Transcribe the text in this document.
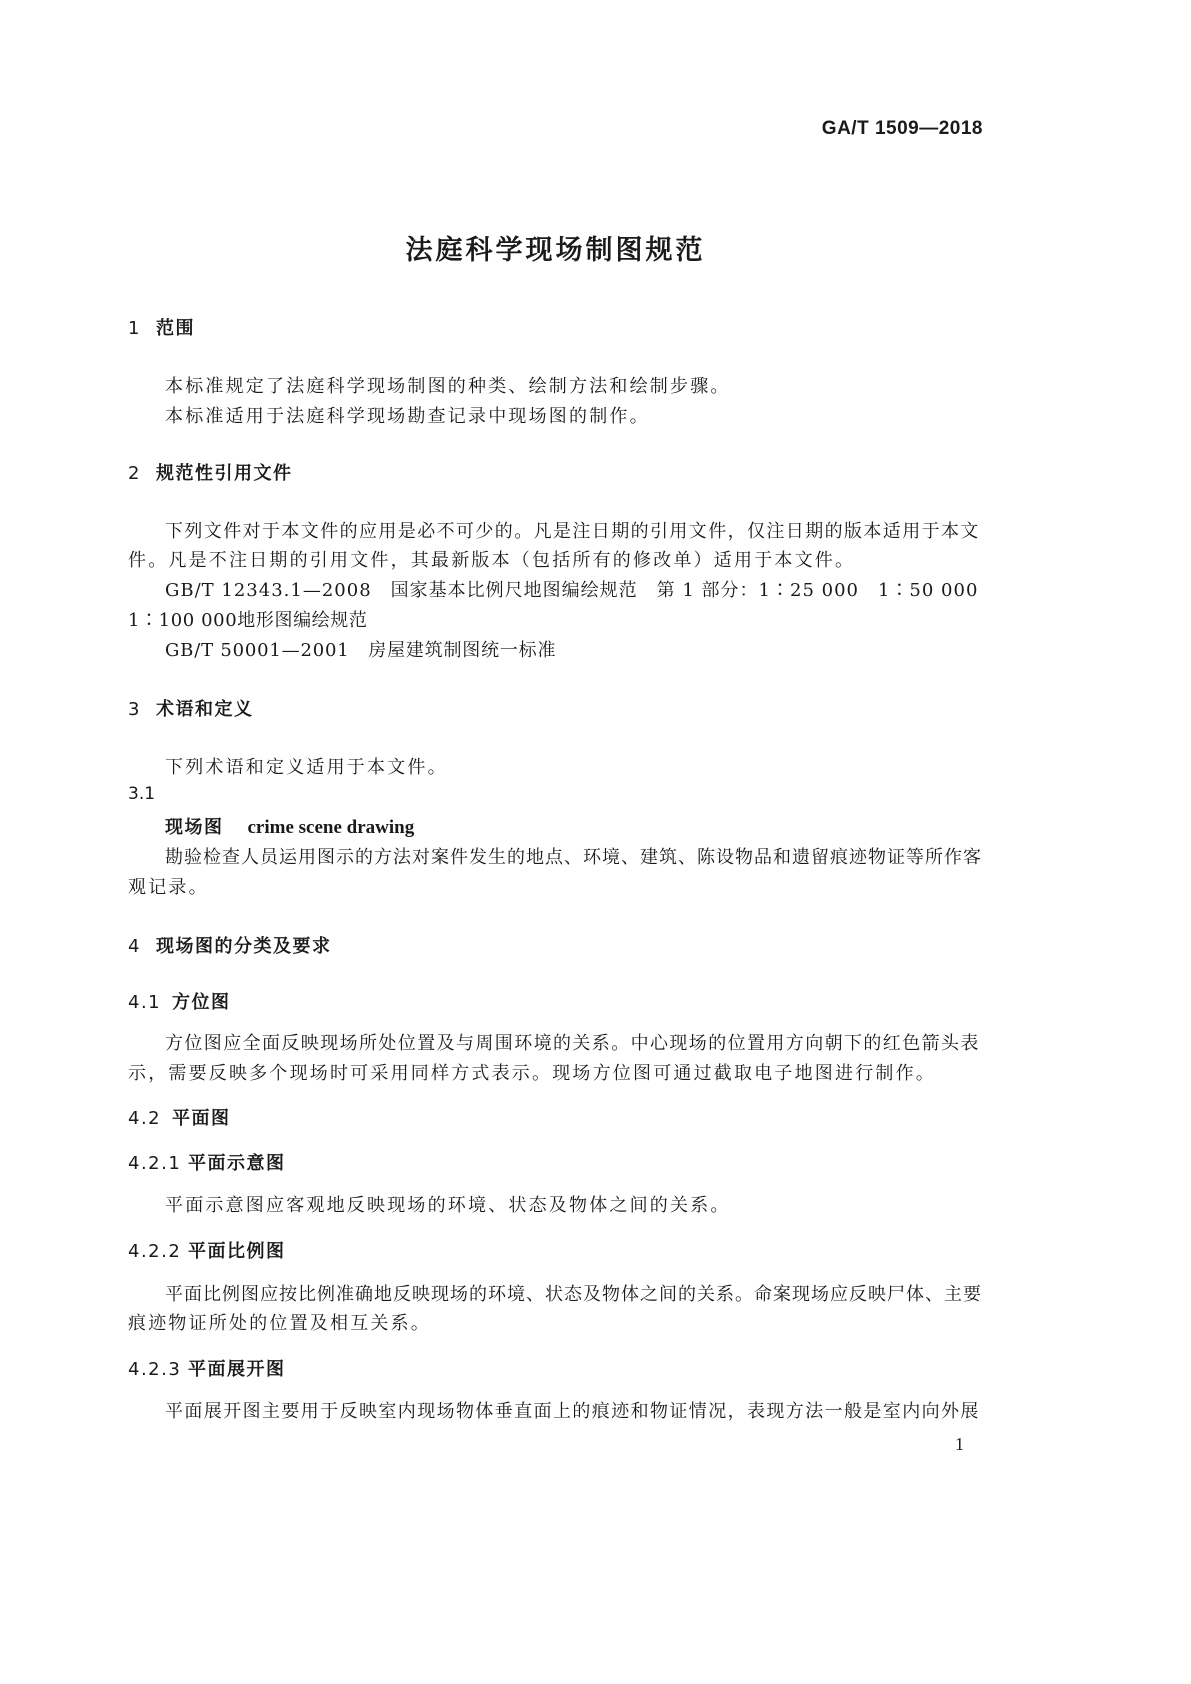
GA/T 1509—2018
法庭科学现场制图规范
1 范围
本标准规定了法庭科学现场制图的种类、绘制方法和绘制步骤。
本标准适用于法庭科学现场勘查记录中现场图的制作。
2 规范性引用文件
下列文件对于本文件的应用是必不可少的。凡是注日期的引用文件，仅注日期的版本适用于本文
件。凡是不注日期的引用文件，其最新版本（包括所有的修改单）适用于本文件。
GB/T 12343.1—2008　国家基本比例尺地图编绘规范　第 1 部分：1∶25 000　1∶50 000
1∶100 000地形图编绘规范
GB/T 50001—2001　房屋建筑制图统一标准
3 术语和定义
下列术语和定义适用于本文件。
3.1
现场图 crime scene drawing
勘验检查人员运用图示的方法对案件发生的地点、环境、建筑、陈设物品和遗留痕迹物证等所作客
观记录。
4 现场图的分类及要求
4.1 方位图
方位图应全面反映现场所处位置及与周围环境的关系。中心现场的位置用方向朝下的红色箭头表
示，需要反映多个现场时可采用同样方式表示。现场方位图可通过截取电子地图进行制作。
4.2 平面图
4.2.1 平面示意图
平面示意图应客观地反映现场的环境、状态及物体之间的关系。
4.2.2 平面比例图
平面比例图应按比例准确地反映现场的环境、状态及物体之间的关系。命案现场应反映尸体、主要
痕迹物证所处的位置及相互关系。
4.2.3 平面展开图
平面展开图主要用于反映室内现场物体垂直面上的痕迹和物证情况，表现方法一般是室内向外展
1
